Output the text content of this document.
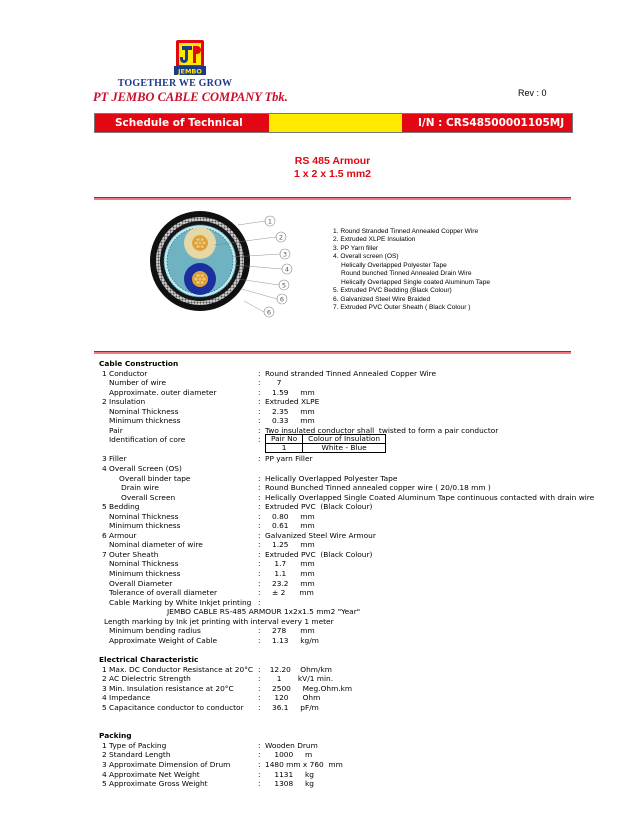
JEMBO
TOGETHER WE GROW
PT JEMBO CABLE COMPANY Tbk.	Rev : 0
Schedule of Technical Data
I/N : CRS48500001105MJ
RS 485 Armour
1 x 2 x 1.5 mm2
1
2
3
4
5
6
6
1. Round Stranded Tinned Annealed Copper Wire
2. Extruded XLPE Insulation
3. PP Yarn filler
4. Overall screen (OS)
Helically Overlapped Polyester Tape
Round bunched Tinned Annealed Drain Wire
Helically Overlapped Single coated Aluminum Tape
5. Extruded PVC Bedding (Black Colour)
6. Galvanized Steel Wire Braided
7. Extruded PVC Outer Sheath ( Black Colour )
Cable Construction
1 Conductor	: Round stranded Tinned Annealed Copper Wire
Number of wire	: 7
Approximate. outer diameter	: 1.59     mm
2 Insulation	: Extruded XLPE
Nominal Thickness	: 2.35     mm
Minimum thickness	: 0.33     mm
Pair	: Two insulated conductor shall  twisted to form a pair conductor
Identification of core	: Pair No	Colour of Insulation
1	White - Blue
3 Filler	: PP yarn Filler
4 Overall Screen (OS)
Overall binder tape	: Helically Overlapped Polyester Tape
Drain wire	: Round Bunched Tinned annealed copper wire ( 20/0.18 mm )
Overall Screen	: Helically Overlapped Single Coated Aluminum Tape continuous contacted with drain wire
5 Bedding	: Extruded PVC  (Black Colour)
Nominal Thickness	: 0.80     mm
Minimum thickness	: 0.61     mm
6 Armour	: Galvanized Steel Wire Armour
Nominal diameter of wire	: 1.25     mm
7 Outer Sheath	: Extruded PVC  (Black Colour)
Nominal Thickness	: 1.7      mm
Minimum thickness	: 1.1      mm
Overall Diameter	: 23.2     mm
Tolerance of overall diameter	: ± 2      mm
Cable Marking by White Inkjet printing :
JEMBO CABLE RS-485 ARMOUR 1x2x1.5 mm2 "Year"
Length marking by Ink jet printing with interval every 1 meter
Minimum bending radius	: 278      mm
Approximate Weight of Cable	: 1.13     kg/m
Electrical Characteristic
1 Max. DC Conductor Resistance at 20°C : 12.20    Ohm/km
2 AC Dielectric Strength	: 1       kV/1 min.
3 Min. Insulation resistance at 20°C	: 2500     Meg.Ohm.km
4 Impedance	: 120      Ohm
5 Capacitance conductor to conductor : 36.1     pF/m
Packing
1 Type of Packing	: Wooden Drum
2 Standard Length	: 1000     m
3 Approximate Dimension of Drum	: 1480 mm x 760  mm
4 Approximate Net Weight	: 1131     kg
5 Approximate Gross Weight	: 1308     kg
